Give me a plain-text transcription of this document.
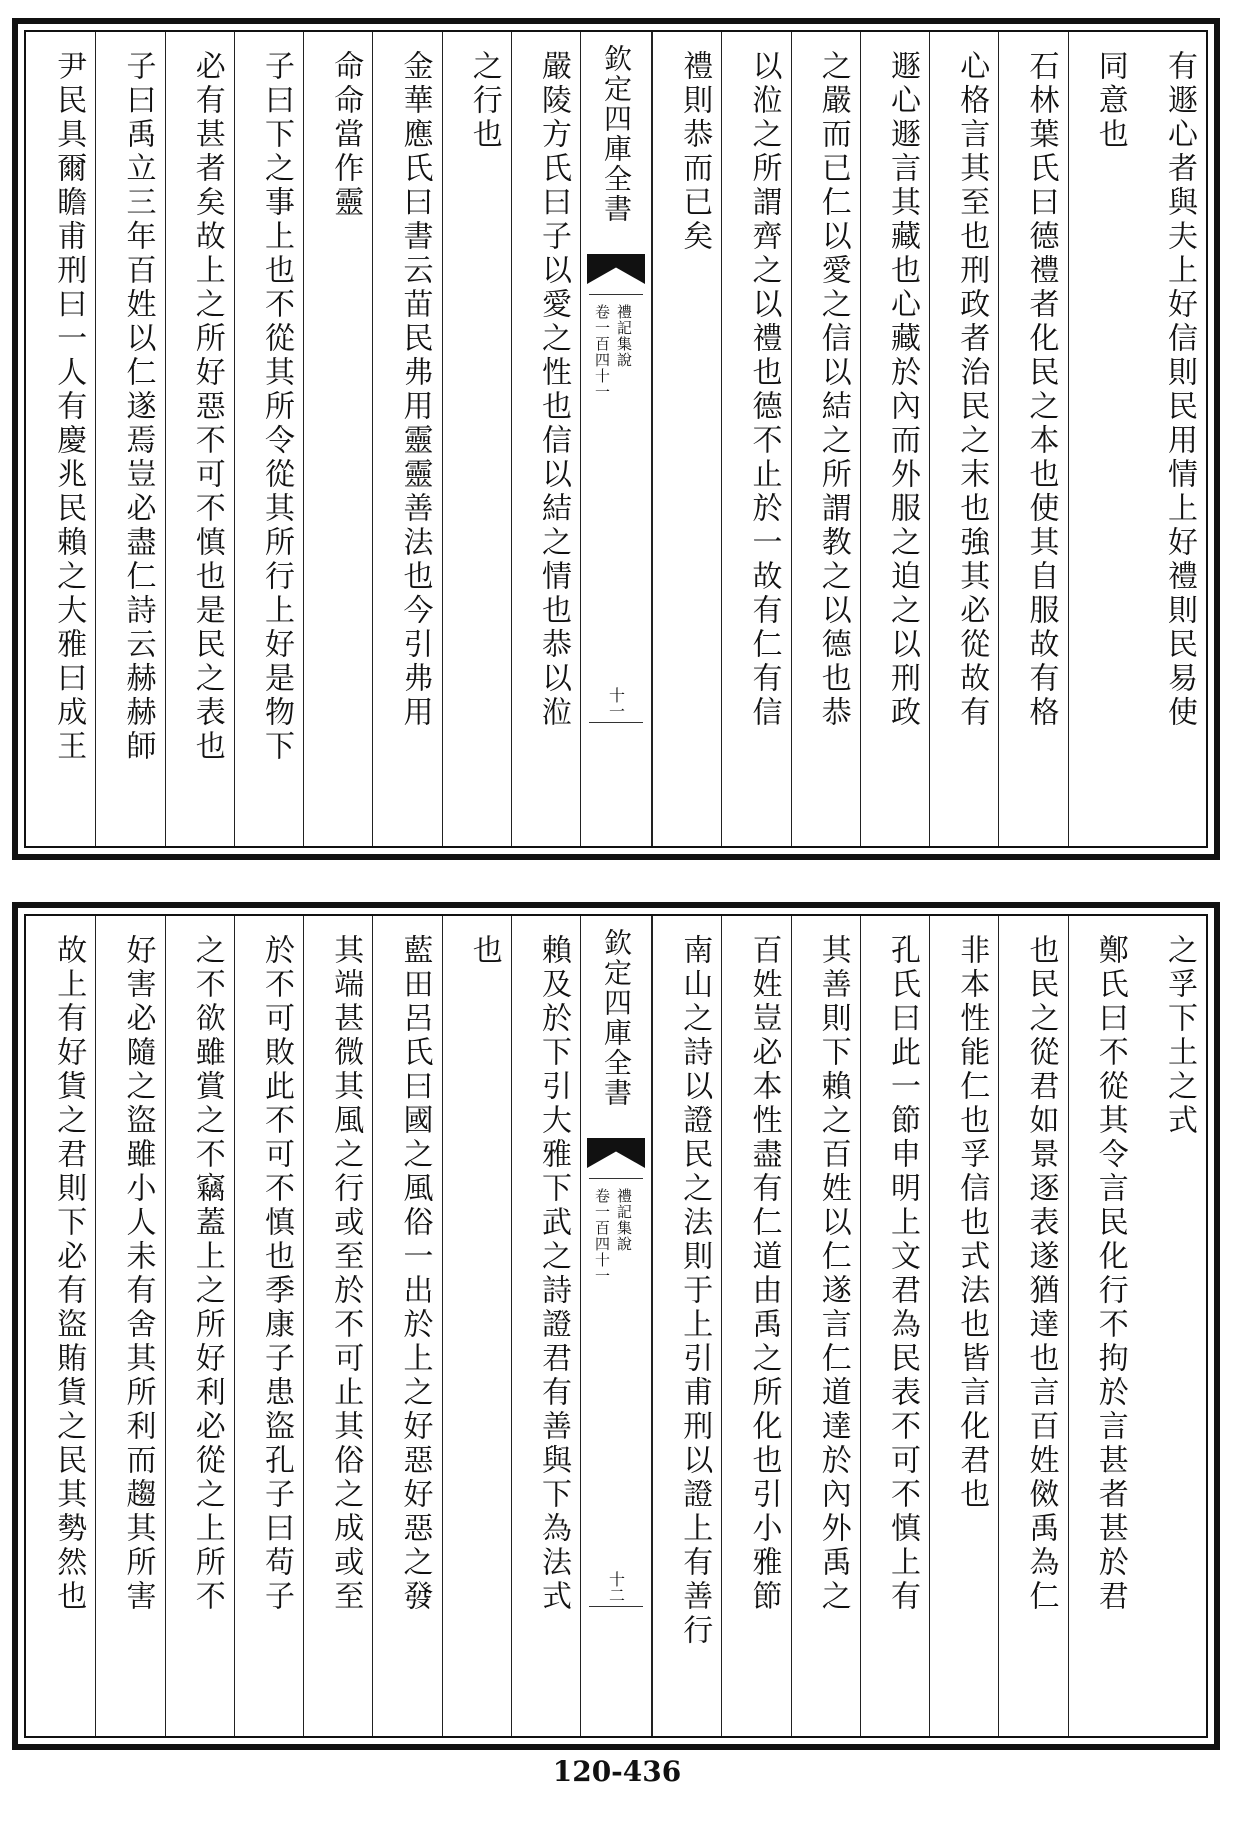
有遯心者與夫上好信則民用情上好禮則民易使
同意也
石林葉氏曰德禮者化民之本也使其自服故有格
心格言其至也刑政者治民之末也強其必從故有
遯心遯言其藏也心藏於內而外服之迫之以刑政
之嚴而已仁以愛之信以結之所謂教之以德也恭
以涖之所謂齊之以禮也德不止於一故有仁有信
禮則恭而已矣
欽定四庫全書
禮記集說
卷一百四十一
十一
嚴陵方氏曰子以愛之性也信以結之情也恭以涖
之行也
金華應氏曰書云苗民弗用靈靈善法也今引弗用
命命當作靈
子曰下之事上也不從其所令從其所行上好是物下
必有甚者矣故上之所好惡不可不慎也是民之表也
子曰禹立三年百姓以仁遂焉豈必盡仁詩云赫赫師
尹民具爾瞻甫刑曰一人有慶兆民賴之大雅曰成王
之孚下土之式
鄭氏曰不從其令言民化行不拘於言甚者甚於君
也民之從君如景逐表遂猶達也言百姓傚禹為仁
非本性能仁也孚信也式法也皆言化君也
孔氏曰此一節申明上文君為民表不可不慎上有
其善則下賴之百姓以仁遂言仁道達於內外禹之
百姓豈必本性盡有仁道由禹之所化也引小雅節
南山之詩以證民之法則于上引甫刑以證上有善行
欽定四庫全書
禮記集說
卷一百四十一
十二
賴及於下引大雅下武之詩證君有善與下為法式
也
藍田呂氏曰國之風俗一出於上之好惡好惡之發
其端甚微其風之行或至於不可止其俗之成或至
於不可敗此不可不慎也季康子患盜孔子曰苟子
之不欲雖賞之不竊蓋上之所好利必從之上所不
好害必隨之盜雖小人未有舍其所利而趨其所害
故上有好貨之君則下必有盜賄貨之民其勢然也
120-436
